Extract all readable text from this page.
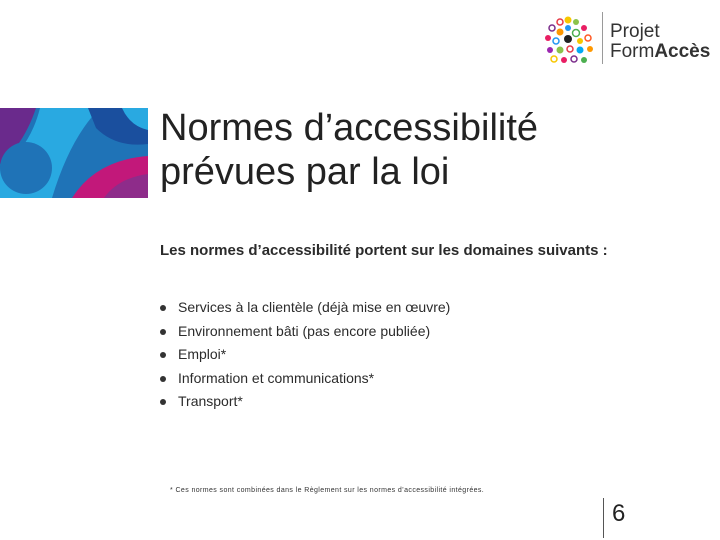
Projet
FormAccès
Normes d’accessibilité
prévues par la loi

Les normes d’accessibilité portent sur les domaines suivants :

Services à la clientèle (déjà mise en œuvre)
Environnement bâti (pas encore publiée)
Emploi*
Information et communications*
Transport*

* Ces normes sont combinées dans le Règlement sur les normes d’accessibilité intégrées.

6
